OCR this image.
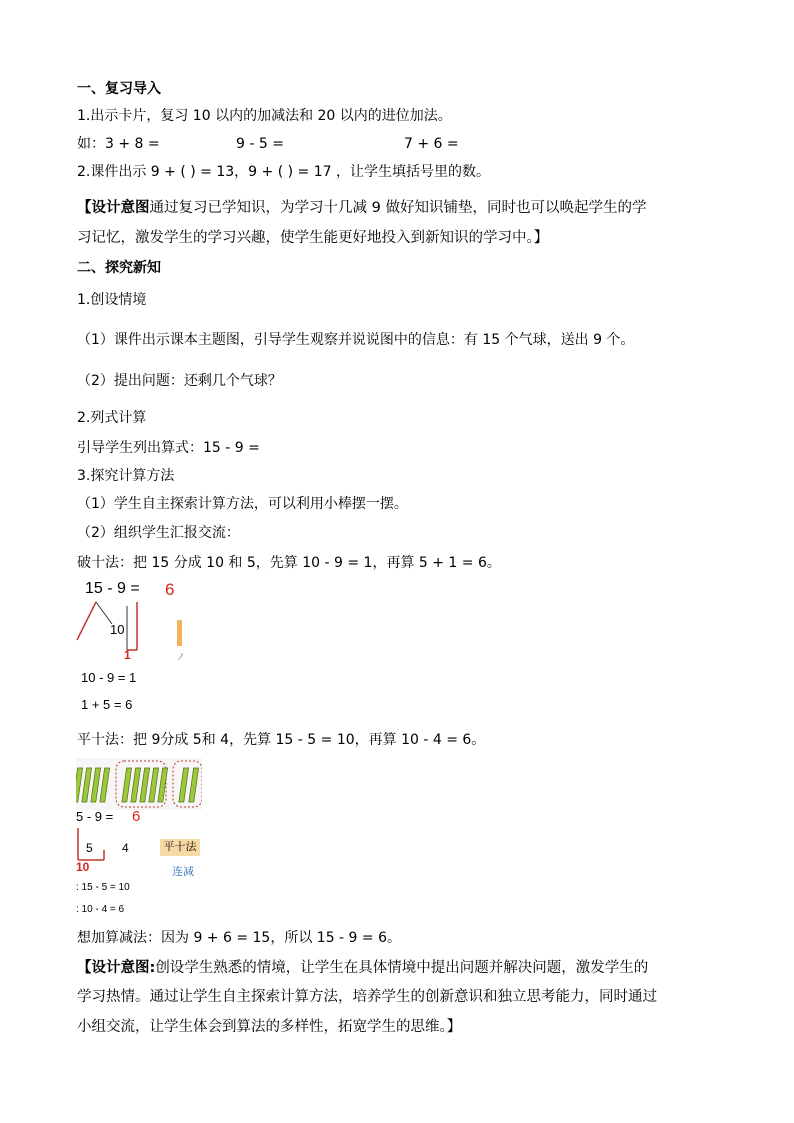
一、复习导入
1.出示卡片，复习 10 以内的加减法和 20 以内的进位加法。
如：3 + 8 =	9 - 5 =	7 + 6 =
2.课件出示 9 + ( ) = 13，9 + ( ) = 17 ，让学生填括号里的数。
【设计意图通过复习已学知识，为学习十几减 9 做好知识铺垫，同时也可以唤起学生的学
习记忆，激发学生的学习兴趣，使学生能更好地投入到新知识的学习中。】
二、探究新知
1.创设情境
（1）课件出示课本主题图，引导学生观察并说说图中的信息：有 15 个气球，送出 9 个。
（2）提出问题：还剩几个气球？
2.列式计算
引导学生列出算式：15 - 9 =
3.探究计算方法
（1）学生自主探索计算方法，可以利用小棒摆一摆。
（2）组织学生汇报交流：
破十法：把 15 分成 10 和 5，先算 10 - 9 = 1，再算 5 + 1 = 6。
15 - 9 = 6
ノ
10
1
10 - 9 = 1
1 + 5 = 6
平十法：把 9分成 5和 4，先算 15 - 5 = 10，再算 10 - 4 = 6。
5 - 9 = 6
5 4
10
平十法
连减
: 15 - 5 = 10
: 10 - 4 = 6
想加算减法：因为 9 + 6 = 15，所以 15 - 9 = 6。
【设计意图:创设学生熟悉的情境，让学生在具体情境中提出问题并解决问题，激发学生的
学习热情。通过让学生自主探索计算方法，培养学生的创新意识和独立思考能力，同时通过
小组交流，让学生体会到算法的多样性，拓宽学生的思维。】
